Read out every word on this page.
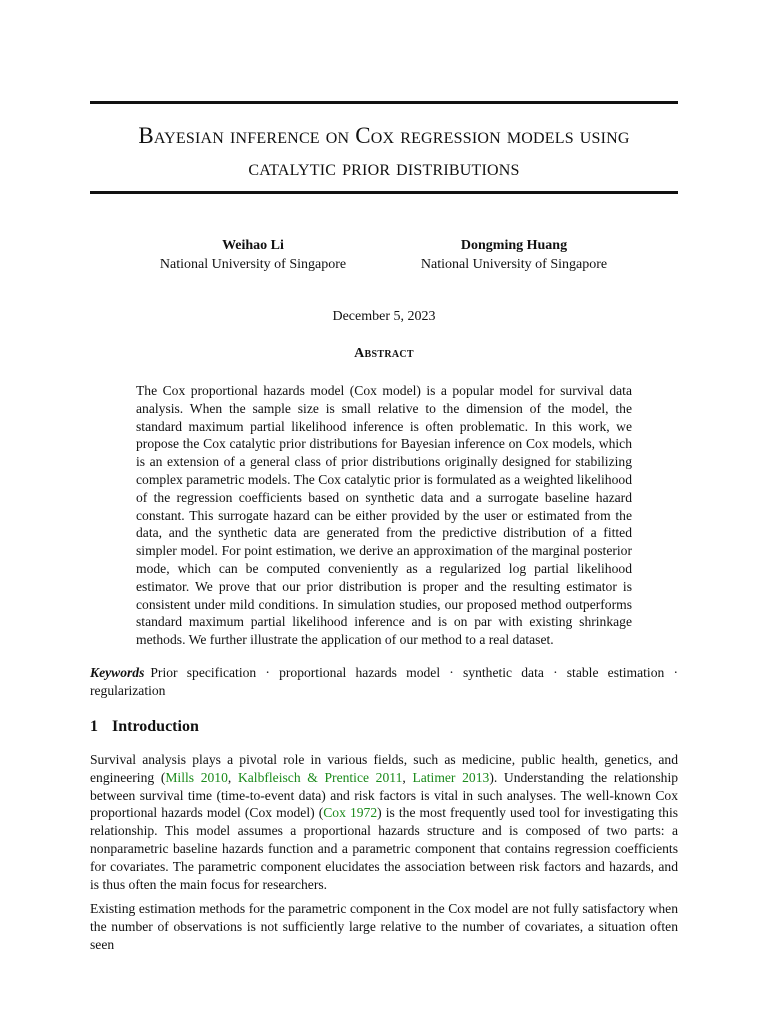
Bayesian inference on Cox regression models using
catalytic prior distributions
Weihao Li
National University of Singapore
Dongming Huang
National University of Singapore
December 5, 2023
Abstract
The Cox proportional hazards model (Cox model) is a popular model for survival data analysis. When the sample size is small relative to the dimension of the model, the standard maximum partial likelihood inference is often problematic. In this work, we propose the Cox catalytic prior distributions for Bayesian inference on Cox models, which is an extension of a general class of prior distributions originally designed for stabilizing complex parametric models. The Cox catalytic prior is formulated as a weighted likelihood of the regression coefficients based on synthetic data and a surrogate baseline hazard constant. This surrogate hazard can be either provided by the user or estimated from the data, and the synthetic data are generated from the predictive distribution of a fitted simpler model. For point estimation, we derive an approximation of the marginal posterior mode, which can be computed conveniently as a regularized log partial likelihood estimator. We prove that our prior distribution is proper and the resulting estimator is consistent under mild conditions. In simulation studies, our proposed method outperforms standard maximum partial likelihood inference and is on par with existing shrinkage methods. We further illustrate the application of our method to a real dataset.
Keywords Prior specification · proportional hazards model · synthetic data · stable estimation · regularization
1 Introduction

Survival analysis plays a pivotal role in various fields, such as medicine, public health, genetics, and engineering (Mills 2010, Kalbfleisch & Prentice 2011, Latimer 2013). Understanding the relationship between survival time (time-to-event data) and risk factors is vital in such analyses. The well-known Cox proportional hazards model (Cox model) (Cox 1972) is the most frequently used tool for investigating this relationship. This model assumes a proportional hazards structure and is composed of two parts: a nonparametric baseline hazards function and a parametric component that contains regression coefficients for covariates. The parametric component elucidates the association between risk factors and hazards, and is thus often the main focus for researchers.

Existing estimation methods for the parametric component in the Cox model are not fully satisfactory when the number of observations is not sufficiently large relative to the number of covariates, a situation often seen
